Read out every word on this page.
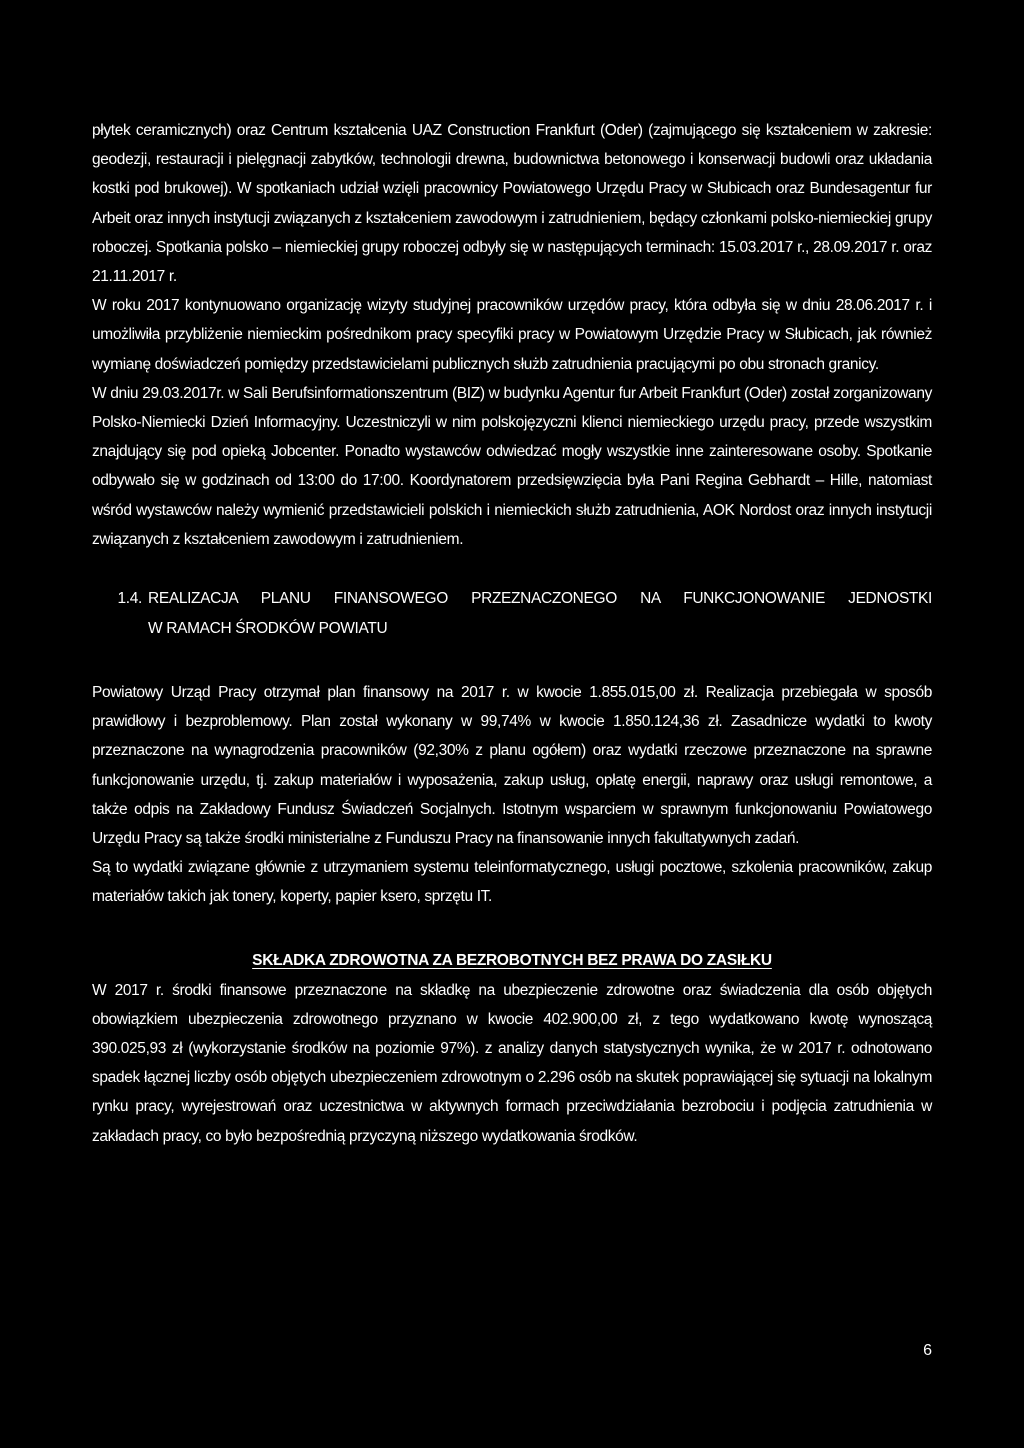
płytek ceramicznych) oraz Centrum kształcenia UAZ Construction Frankfurt (Oder) (zajmującego się kształceniem w zakresie: geodezji, restauracji i pielęgnacji zabytków, technologii drewna, budownictwa betonowego i konserwacji budowli oraz układania kostki pod brukowej). W spotkaniach udział wzięli pracownicy Powiatowego Urzędu Pracy w Słubicach oraz Bundesagentur fur Arbeit oraz innych instytucji związanych z kształceniem zawodowym i zatrudnieniem, będący członkami polsko-niemieckiej grupy roboczej. Spotkania polsko – niemieckiej grupy roboczej odbyły się w następujących terminach: 15.03.2017 r., 28.09.2017 r. oraz 21.11.2017 r.

W roku 2017 kontynuowano organizację wizyty studyjnej pracowników urzędów pracy, która odbyła się w dniu 28.06.2017 r. i umożliwiła przybliżenie niemieckim pośrednikom pracy specyfiki pracy w Powiatowym Urzędzie Pracy w Słubicach, jak również wymianę doświadczeń pomiędzy przedstawicielami publicznych służb zatrudnienia pracującymi po obu stronach granicy.

W dniu 29.03.2017r. w Sali Berufsinformationszentrum (BIZ) w budynku Agentur fur Arbeit Frankfurt (Oder) został zorganizowany Polsko-Niemiecki Dzień Informacyjny. Uczestniczyli w nim polskojęzyczni klienci niemieckiego urzędu pracy, przede wszystkim znajdujący się pod opieką Jobcenter. Ponadto wystawców odwiedzać mogły wszystkie inne zainteresowane osoby. Spotkanie odbywało się w godzinach od 13:00 do 17:00. Koordynatorem przedsięwzięcia była Pani Regina Gebhardt – Hille, natomiast wśród wystawców należy wymienić przedstawicieli polskich i niemieckich służb zatrudnienia, AOK Nordost oraz innych instytucji związanych z kształceniem zawodowym i zatrudnieniem.

1.4. REALIZACJA PLANU FINANSOWEGO PRZEZNACZONEGO NA FUNKCJONOWANIE JEDNOSTKI
W RAMACH ŚRODKÓW POWIATU

Powiatowy Urząd Pracy otrzymał plan finansowy na 2017 r. w kwocie 1.855.015,00 zł. Realizacja przebiegała w sposób prawidłowy i bezproblemowy. Plan został wykonany w 99,74% w kwocie 1.850.124,36 zł. Zasadnicze wydatki to kwoty przeznaczone na wynagrodzenia pracowników (92,30% z planu ogółem) oraz wydatki rzeczowe przeznaczone na sprawne funkcjonowanie urzędu, tj. zakup materiałów i wyposażenia, zakup usług, opłatę energii, naprawy oraz usługi remontowe, a także odpis na Zakładowy Fundusz Świadczeń Socjalnych. Istotnym wsparciem w sprawnym funkcjonowaniu Powiatowego Urzędu Pracy są także środki ministerialne z Funduszu Pracy na finansowanie innych fakultatywnych zadań.

Są to wydatki związane głównie z utrzymaniem systemu teleinformatycznego, usługi pocztowe, szkolenia pracowników, zakup materiałów takich jak tonery, koperty, papier ksero, sprzętu IT.

SKŁADKA ZDROWOTNA ZA BEZROBOTNYCH BEZ PRAWA DO ZASIŁKU

W 2017 r. środki finansowe przeznaczone na składkę na ubezpieczenie zdrowotne oraz świadczenia dla osób objętych obowiązkiem ubezpieczenia zdrowotnego przyznano w kwocie 402.900,00 zł, z tego wydatkowano kwotę wynoszącą 390.025,93 zł (wykorzystanie środków na poziomie 97%). z analizy danych statystycznych wynika, że w 2017 r. odnotowano spadek łącznej liczby osób objętych ubezpieczeniem zdrowotnym o 2.296 osób na skutek poprawiającej się sytuacji na lokalnym rynku pracy, wyrejestrowań oraz uczestnictwa w aktywnych formach przeciwdziałania bezrobociu i podjęcia zatrudnienia w zakładach pracy, co było bezpośrednią przyczyną niższego wydatkowania środków.

6
